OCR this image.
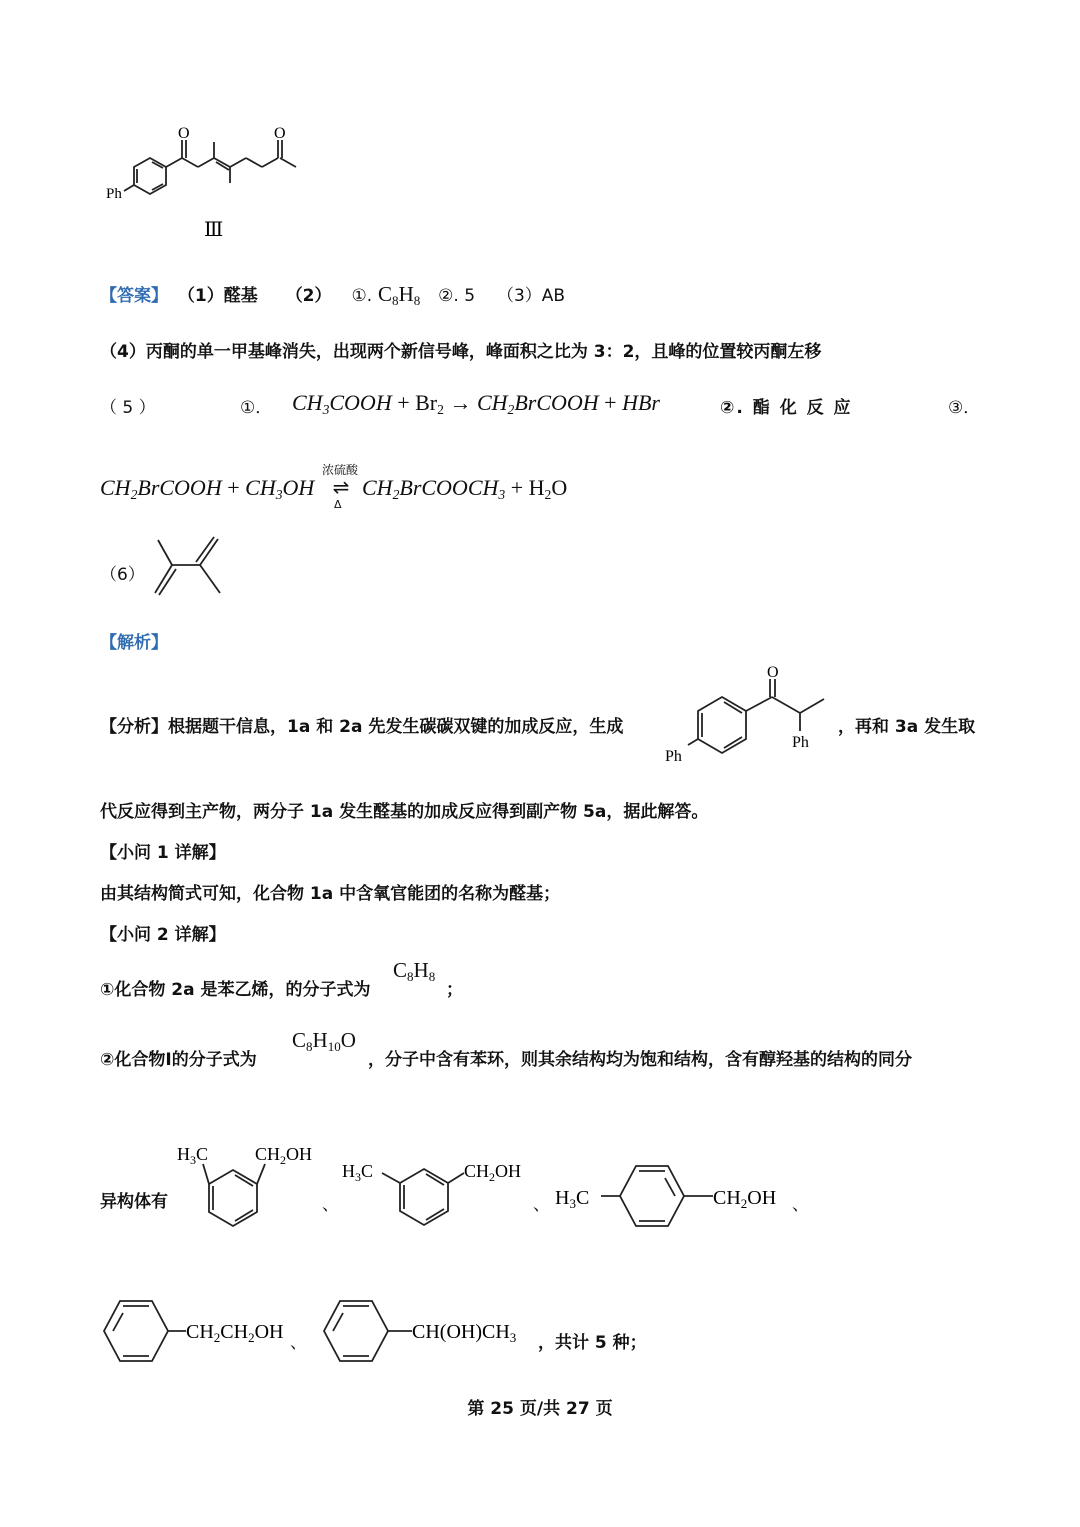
Ph
O	O
Ⅲ
【答案】 （1）醛基 （2） ①. $C_8H_8$ ②. 5 （3）AB
（4）丙酮的单一甲基峰消失，出现两个新信号峰，峰面积之比为 3：2，且峰的位置较丙酮左移
（ 5 ）	①． $CH_3COOH + Br_2$ → $CH_2BrCOOH$ + HBr	②. 酯 化 反 应	③．
$CH_2BrCOOH + CH_3OH$
浓硫酸
⇌
Δ
$CH_2BrCOOCH_3 + H_2O$
（6）
【解析】
【分析】根据题干信息，1a 和 2a 先发生碳碳双键的加成反应，生成
O
Ph
Ph
，再和 3a 发生取
代反应得到主产物，两分子 1a 发生醛基的加成反应得到副产物 5a，据此解答。
【小问 1 详解】
由其结构简式可知，化合物 1a 中含氧官能团的名称为醛基；
【小问 2 详解】
①化合物 2a 是苯乙烯，的分子式为
$C_8H_8$
；
②化合物Ⅰ的分子式为
$C_8H_{10}O$
，分子中含有苯环，则其余结构均为饱和结构，含有醇羟基的结构的同分
异构体有
$H_3C$	$CH_2OH$
、
$H_3C$	$CH_2OH$
、 $H_3C$	$CH_2OH$ 、
$CH_2CH_2OH$ 、	$CH(OH)CH_3$ ，共计 5 种；
第 25 页/共 27 页
